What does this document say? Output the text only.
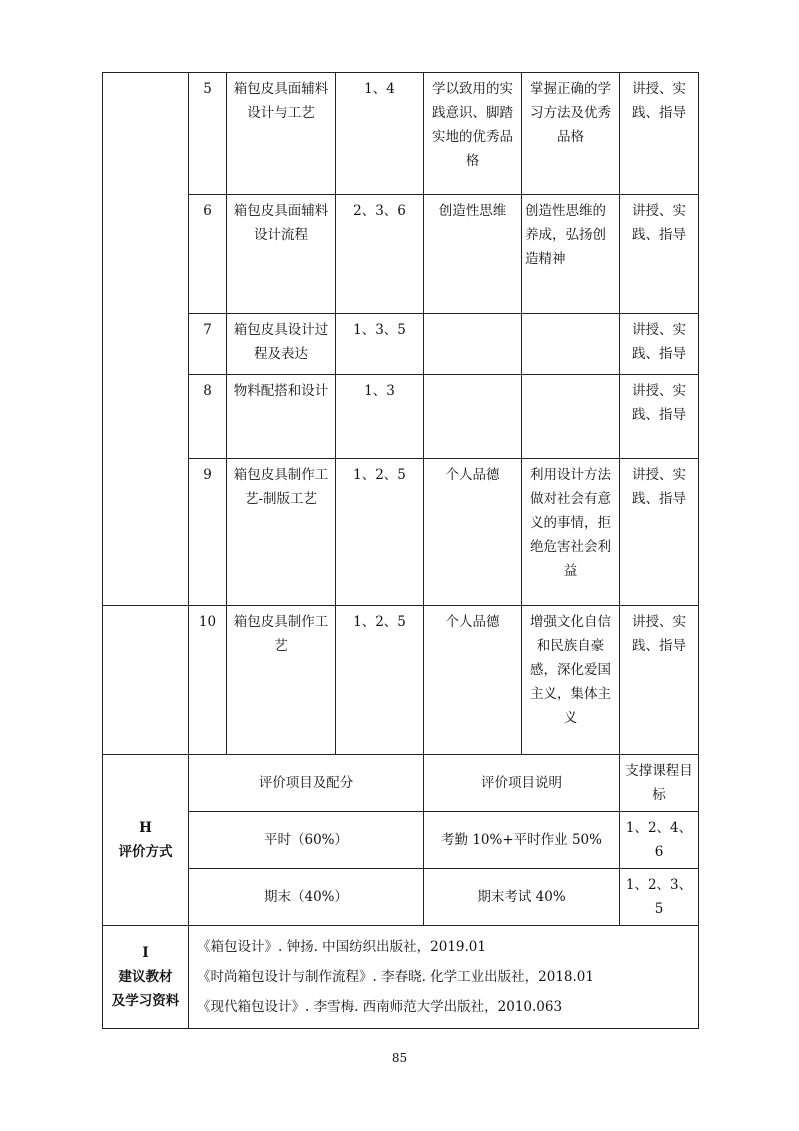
	5	箱包皮具面辅料设计与工艺	1、4	学以致用的实践意识、脚踏实地的优秀品格	掌握正确的学习方法及优秀品格	讲授、实践、指导
	6	箱包皮具面辅料设计流程	2、3、6	创造性思维	创造性思维的养成，弘扬创造精神	讲授、实践、指导
	7	箱包皮具设计过程及表达	1、3、5			讲授、实践、指导
	8	物料配搭和设计	1、3			讲授、实践、指导
	9	箱包皮具制作工艺-制版工艺	1、2、5	个人品德	利用设计方法做对社会有意义的事情，拒绝危害社会利益	讲授、实践、指导
	10	箱包皮具制作工艺	1、2、5	个人品德	增强文化自信和民族自豪感，深化爱国主义，集体主义	讲授、实践、指导

H
评价方式	评价项目及配分			评价项目说明		支撑课程目标
	平时（60%）			考勤 10%+平时作业 50%		1、2、4、6
	期末（40%）			期末考试 40%		1、2、3、5

I
建议教材
及学习资料	《箱包设计》. 钟扬. 中国纺织出版社，2019.01
《时尚箱包设计与制作流程》. 李春晓. 化学工业出版社，2018.01
《现代箱包设计》. 李雪梅. 西南师范大学出版社，2010.063					
85
